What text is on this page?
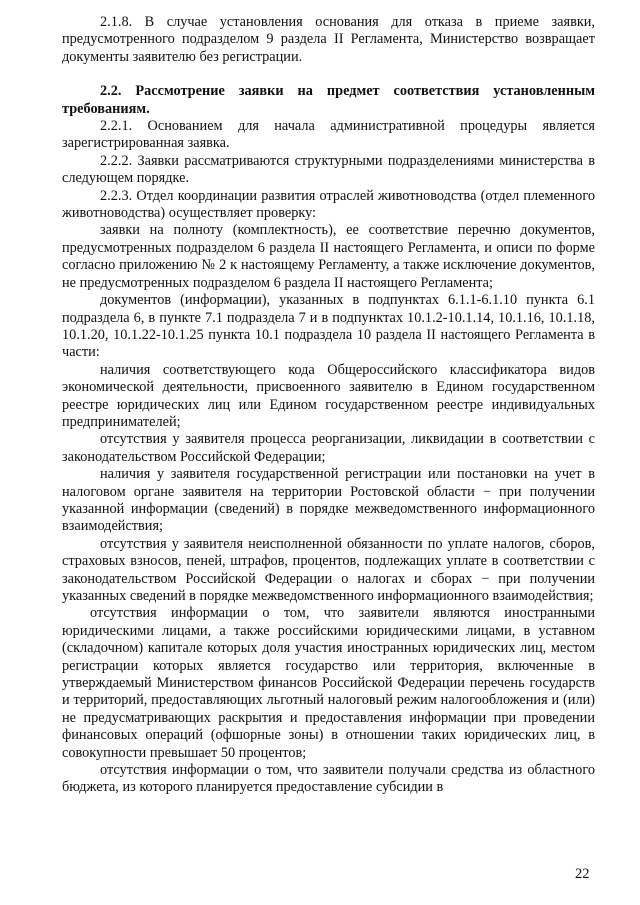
2.1.8. В случае установления основания для отказа в приеме заявки, предусмотренного подразделом 9 раздела II Регламента, Министерство возвращает документы заявителю без регистрации.

2.2. Рассмотрение заявки на предмет соответствия установленным требованиям.

2.2.1. Основанием для начала административной процедуры является зарегистрированная заявка.

2.2.2. Заявки рассматриваются структурными подразделениями министерства в следующем порядке.

2.2.3. Отдел координации развития отраслей животноводства (отдел племенного животноводства) осуществляет проверку:

заявки на полноту (комплектность), ее соответствие перечню документов, предусмотренных подразделом 6 раздела II настоящего Регламента, и описи по форме согласно приложению № 2 к настоящему Регламенту, а также исключение документов, не предусмотренных подразделом 6 раздела II настоящего Регламента;

документов (информации), указанных в подпунктах 6.1.1-6.1.10 пункта 6.1 подраздела 6, в пункте 7.1 подраздела 7 и в подпунктах 10.1.2-10.1.14, 10.1.16, 10.1.18, 10.1.20, 10.1.22-10.1.25 пункта 10.1 подраздела 10 раздела II настоящего Регламента в части:

наличия соответствующего кода Общероссийского классификатора видов экономической деятельности, присвоенного заявителю в Едином государственном реестре юридических лиц или Едином государственном реестре индивидуальных предпринимателей;

отсутствия у заявителя процесса реорганизации, ликвидации в соответствии с законодательством Российской Федерации;

наличия у заявителя государственной регистрации или постановки на учет в налоговом органе заявителя на территории Ростовской области − при получении указанной информации (сведений) в порядке межведомственного информационного взаимодействия;

отсутствия у заявителя неисполненной обязанности по уплате налогов, сборов, страховых взносов, пеней, штрафов, процентов, подлежащих уплате в соответствии с законодательством Российской Федерации о налогах и сборах − при получении указанных сведений в порядке межведомственного информационного взаимодействия;

отсутствия информации о том, что заявители являются иностранными юридическими лицами, а также российскими юридическими лицами, в уставном (складочном) капитале которых доля участия иностранных юридических лиц, местом регистрации которых является государство или территория, включенные в утверждаемый Министерством финансов Российской Федерации перечень государств и территорий, предоставляющих льготный налоговый режим налогообложения и (или) не предусматривающих раскрытия и предоставления информации при проведении финансовых операций (офшорные зоны) в отношении таких юридических лиц, в совокупности превышает 50 процентов;

отсутствия информации о том, что заявители получали средства из областного бюджета, из которого планируется предоставление субсидии в

22
